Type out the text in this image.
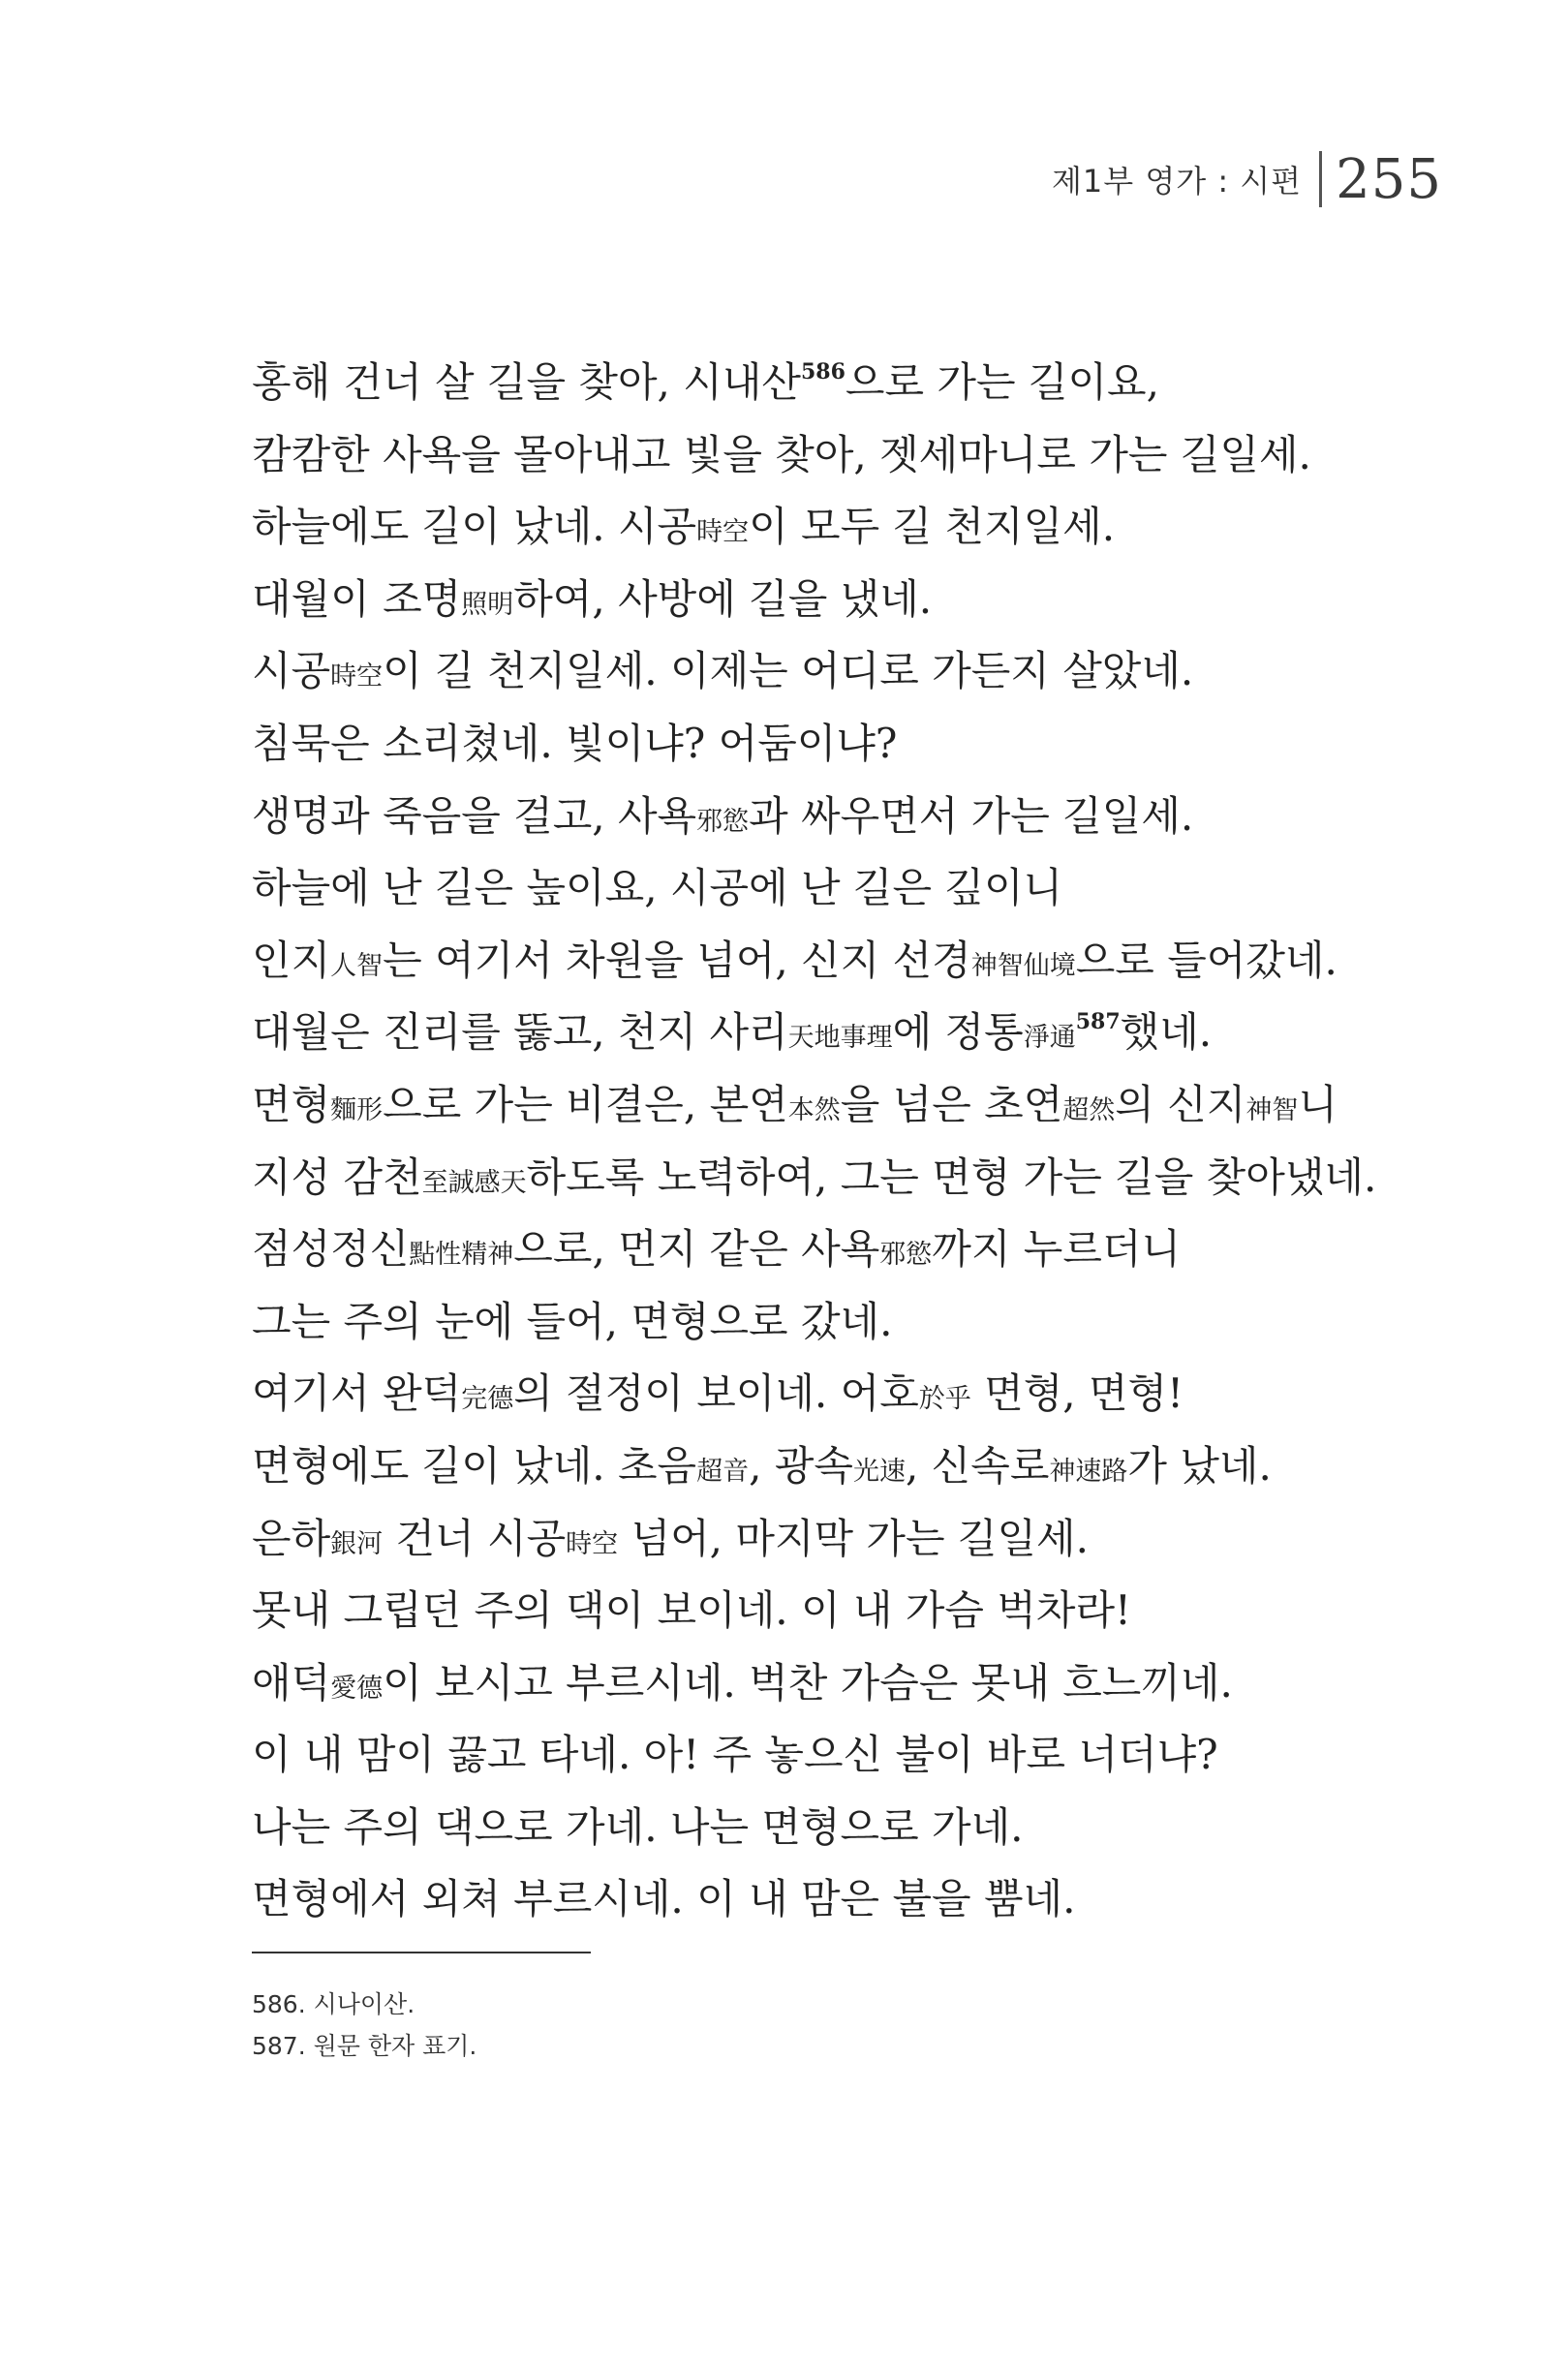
제1부 영가 : 시편 255
홍해 건너 살 길을 찾아, 시내산$^{586}$으로 가는 길이요,
캄캄한 사욕을 몰아내고 빛을 찾아, 젯세마니로 가는 길일세.
하늘에도 길이 났네. 시공時空이 모두 길 천지일세.
대월이 조명照明하여, 사방에 길을 냈네.
시공時空이 길 천지일세. 이제는 어디로 가든지 살았네.
침묵은 소리쳤네. 빛이냐? 어둠이냐?
생명과 죽음을 걸고, 사욕邪慾과 싸우면서 가는 길일세.
하늘에 난 길은 높이요, 시공에 난 길은 깊이니
인지人智는 여기서 차원을 넘어, 신지 선경神智仙境으로 들어갔네.
대월은 진리를 뚫고, 천지 사리天地事理에 정통淨通$^{587}$했네.
면형麵形으로 가는 비결은, 본연本然을 넘은 초연超然의 신지神智니
지성 감천至誠感天하도록 노력하여, 그는 면형 가는 길을 찾아냈네.
점성정신點性精神으로, 먼지 같은 사욕邪慾까지 누르더니
그는 주의 눈에 들어, 면형으로 갔네.
여기서 완덕完德의 절정이 보이네. 어호於乎 면형, 면형!
면형에도 길이 났네. 초음超音, 광속光速, 신속로神速路가 났네.
은하銀河 건너 시공時空 넘어, 마지막 가는 길일세.
못내 그립던 주의 댁이 보이네. 이 내 가슴 벅차라!
애덕愛德이 보시고 부르시네. 벅찬 가슴은 못내 흐느끼네.
이 내 맘이 끓고 타네. 아! 주 놓으신 불이 바로 너더냐?
나는 주의 댁으로 가네. 나는 면형으로 가네.
면형에서 외쳐 부르시네. 이 내 맘은 불을 뿜네.
586. 시나이산.
587. 원문 한자 표기.
